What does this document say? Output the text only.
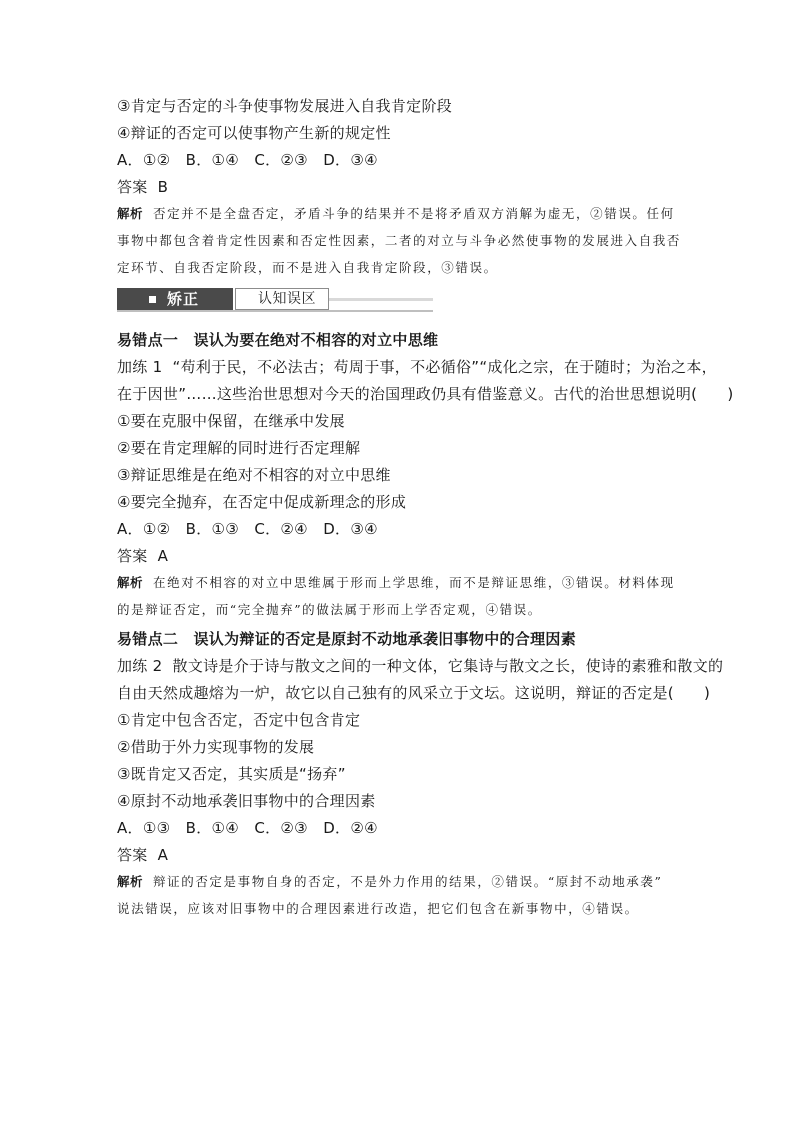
③肯定与否定的斗争使事物发展进入自我肯定阶段
④辩证的否定可以使事物产生新的规定性
A．①②　B．①④　C．②③　D．③④
答案 B
解析 否定并不是全盘否定，矛盾斗争的结果并不是将矛盾双方消解为虚无，②错误。任何
事物中都包含着肯定性因素和否定性因素，二者的对立与斗争必然使事物的发展进入自我否
定环节、自我否定阶段，而不是进入自我肯定阶段，③错误。
矫正	认知误区
易错点一　误认为要在绝对不相容的对立中思维
加练 1 “苟利于民，不必法古；苟周于事，不必循俗”“成化之宗，在于随时；为治之本，
在于因世”……这些治世思想对今天的治国理政仍具有借鉴意义。古代的治世思想说明( )
①要在克服中保留，在继承中发展
②要在肯定理解的同时进行否定理解
③辩证思维是在绝对不相容的对立中思维
④要完全抛弃，在否定中促成新理念的形成
A．①②　B．①③　C．②④　D．③④
答案 A
解析 在绝对不相容的对立中思维属于形而上学思维，而不是辩证思维，③错误。材料体现
的是辩证否定，而“完全抛弃”的做法属于形而上学否定观，④错误。
易错点二　误认为辩证的否定是原封不动地承袭旧事物中的合理因素
加练 2 散文诗是介于诗与散文之间的一种文体，它集诗与散文之长，使诗的素雅和散文的
自由天然成趣熔为一炉，故它以自己独有的风采立于文坛。这说明，辩证的否定是( )
①肯定中包含否定，否定中包含肯定
②借助于外力实现事物的发展
③既肯定又否定，其实质是“扬弃”
④原封不动地承袭旧事物中的合理因素
A．①③　B．①④　C．②③　D．②④
答案 A
解析 辩证的否定是事物自身的否定，不是外力作用的结果，②错误。“原封不动地承袭”
说法错误，应该对旧事物中的合理因素进行改造，把它们包含在新事物中，④错误。
